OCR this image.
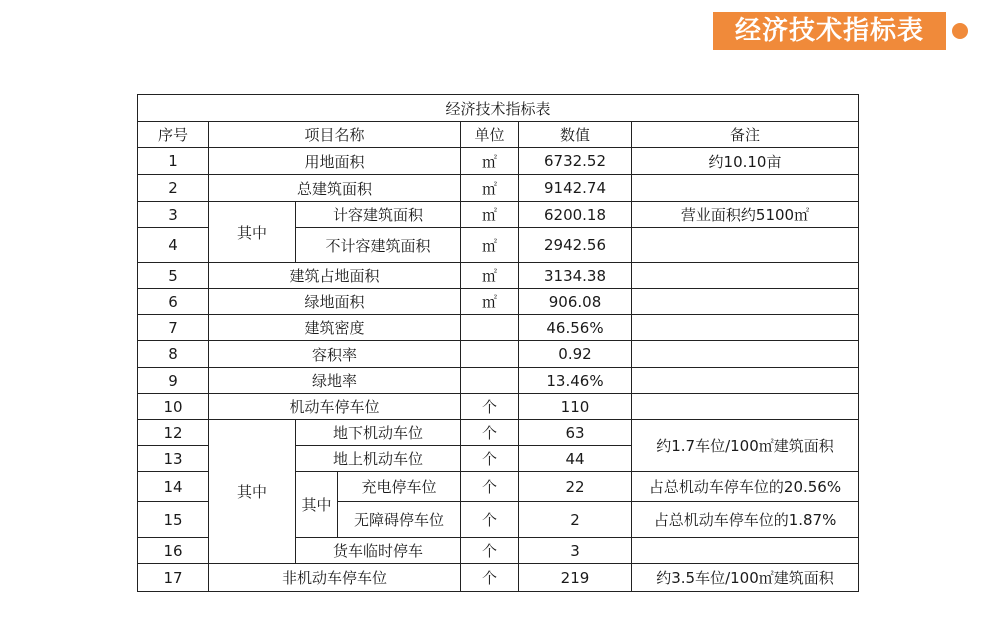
经济技术指标表
经济技术指标表						
序号	项目名称			单位	数值	备注
1	用地面积			㎡	6732.52	约10.10亩
2	总建筑面积			㎡	9142.74	
3	其中	计容建筑面积		㎡	6200.18	营业面积约5100㎡
4		不计容建筑面积		㎡	2942.56	
5	建筑占地面积			㎡	3134.38	
6	绿地面积			㎡	906.08	
7	建筑密度				46.56%	
8	容积率				0.92	
9	绿地率				13.46%	
10	机动车停车位			个	110	
12	其中	地下机动车位		个	63	约1.7车位/100㎡建筑面积
13		地上机动车位		个	44	
14		其中	充电停车位	个	22	占总机动车停车位的20.56%
15			无障碍停车位	个	2	占总机动车停车位的1.87%
16		货车临时停车		个	3	
17	非机动车停车位			个	219	约3.5车位/100㎡建筑面积
